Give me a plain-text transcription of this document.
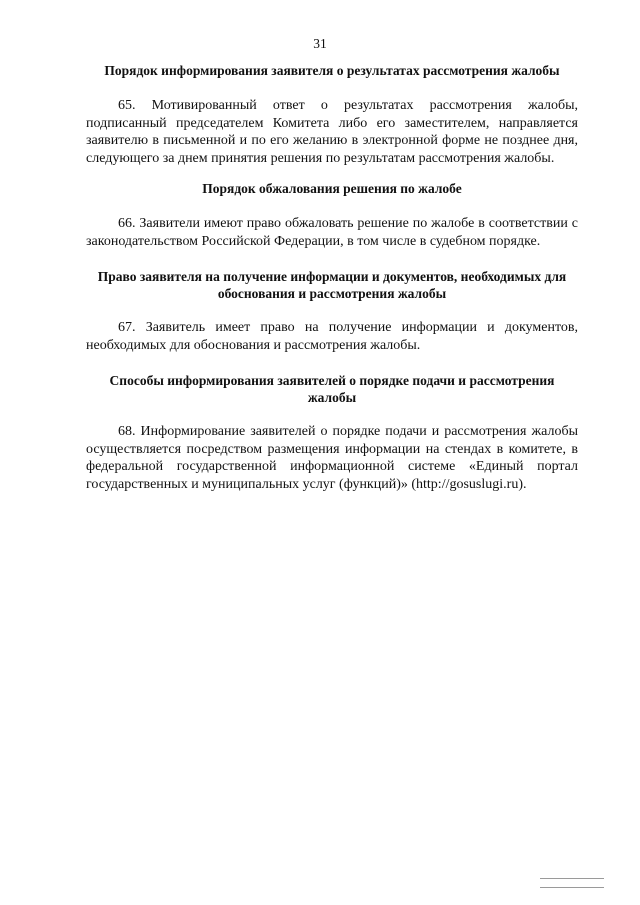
31

Порядок информирования заявителя о результатах рассмотрения жалобы

65. Мотивированный ответ о результатах рассмотрения жалобы, подписанный председателем Комитета либо его заместителем, направляется заявителю в письменной и по его желанию в электронной форме не позднее дня, следующего за днем принятия решения по результатам рассмотрения жалобы.

Порядок обжалования решения по жалобе

66. Заявители имеют право обжаловать решение по жалобе в соответствии с законодательством Российской Федерации, в том числе в судебном порядке.

Право заявителя на получение информации и документов, необходимых для обоснования и рассмотрения жалобы

67. Заявитель имеет право на получение информации и документов, необходимых для обоснования и рассмотрения жалобы.

Способы информирования заявителей о порядке подачи и рассмотрения жалобы

68. Информирование заявителей о порядке подачи и рассмотрения жалобы осуществляется посредством размещения информации на стендах в комитете, в федеральной государственной информационной системе «Единый портал государственных и муниципальных услуг (функций)» (http://gosuslugi.ru).
